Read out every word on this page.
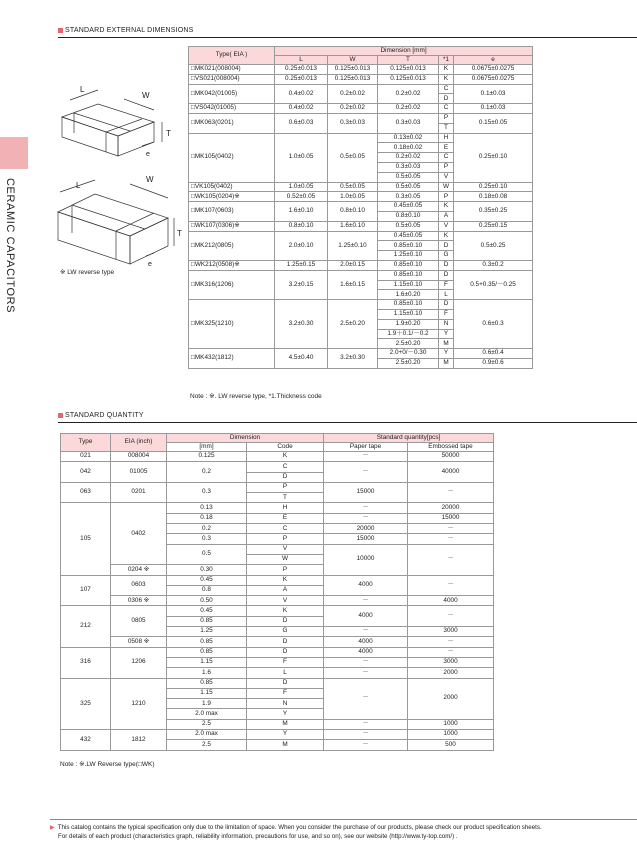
CERAMIC CAPACITORS
STANDARD EXTERNAL DIMENSIONS
L
W
T
e
L
W
T
e
※ LW reverse type
Type( EIA )	Dimension [mm]				
	L	W	T	*1	e
□MK021(008004)	0.25±0.013	0.125±0.013	0.125±0.013	K	0.0675±0.0275
□VS021(008004)	0.25±0.013	0.125±0.013	0.125±0.013	K	0.0675±0.0275
□MK042(01005)	0.4±0.02	0.2±0.02	0.2±0.02	C	0.1±0.03
				D	
□VS042(01005)	0.4±0.02	0.2±0.02	0.2±0.02	C	0.1±0.03
□MK063(0201)	0.6±0.03	0.3±0.03	0.3±0.03	P	0.15±0.05
				T	
□MK105(0402)	1.0±0.05	0.5±0.05	0.13±0.02	H	0.25±0.10
			0.18±0.02	E	
			0.2±0.02	C	
			0.3±0.03	P	
			0.5±0.05	V	
□VK105(0402)	1.0±0.05	0.5±0.05	0.5±0.05	W	0.25±0.10
□WK105(0204)※	0.52±0.05	1.0±0.05	0.3±0.05	P	0.18±0.08
□MK107(0603)	1.6±0.10	0.8±0.10	0.45±0.05	K	0.35±0.25
			0.8±0.10	A	
□WK107(0306)※	0.8±0.10	1.6±0.10	0.5±0.05	V	0.25±0.15
□MK212(0805)	2.0±0.10	1.25±0.10	0.45±0.05	K	0.5±0.25
			0.85±0.10	D	
			1.25±0.10	G	
□WK212(0508)※	1.25±0.15	2.0±0.15	0.85±0.10	D	0.3±0.2
□MK316(1206)	3.2±0.15	1.6±0.15	0.85±0.10	D	0.5+0.35/－0.25
			1.15±0.10	F	
			1.6±0.20	L	
□MK325(1210)	3.2±0.30	2.5±0.20	0.85±0.10	D	0.6±0.3
			1.15±0.10	F	
			1.9±0.20	N	
			1.9＋0.1/－0.2	Y	
			2.5±0.20	M	
□MK432(1812)	4.5±0.40	3.2±0.30	2.0+0/－0.30	Y	0.6±0.4
			2.5±0.20	M	0.9±0.6
Note : ※. LW reverse type, *1.Thickness code
STANDARD QUANTITY
Type	EIA (inch)	Dimension		Standard quantity[pcs]	
		[mm]	Code	Paper tape	Embossed tape
021	008004	0.125	K	－	50000
042	01005	0.2	C	－	40000
			D		
063	0201	0.3	P	15000	－
			T		
105	0402	0.13	H	－	20000
		0.18	E	－	15000
		0.2	C	20000	－
		0.3	P	15000	－
		0.5	V	10000	－
			W		
	0204 ※	0.30	P		
107	0603	0.45	K	4000	－
		0.8	A		
	0306 ※	0.50	V	－	4000
212	0805	0.45	K	4000	－
		0.85	D		
		1.25	G	－	3000
	0508 ※	0.85	D	4000	－
316	1206	0.85	D	4000	－
		1.15	F	－	3000
		1.6	L	－	2000
325	1210	0.85	D	－	2000
		1.15	F		
		1.9	N		
		2.0 max	Y		
		2.5	M	－	1000
432	1812	2.0 max	Y	－	1000
		2.5	M	－	500
Note : ※.LW Reverse type(□WK)
▶ This catalog contains the typical specification only due to the limitation of space. When you consider the purchase of our products, please check our product specification sheets.
For details of each product (characteristics graph, reliability information, precautions for use, and so on), see our website (http://www.ty-top.com/) .
